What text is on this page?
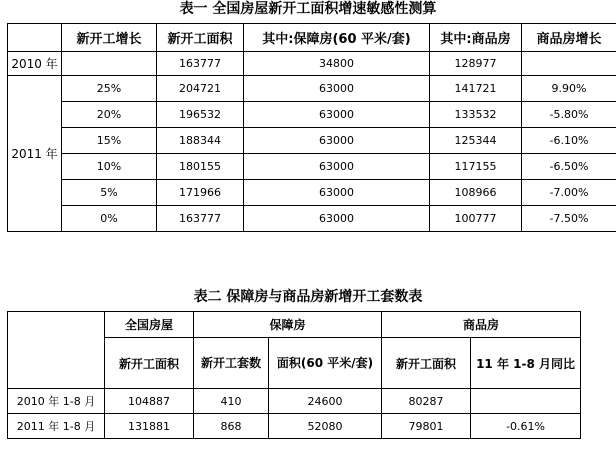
表一 全国房屋新开工面积增速敏感性测算
	新开工增长	新开工面积	其中:保障房(60 平米/套)	其中:商品房	商品房增长
2010 年		163777	34800	128977	
2011 年	25%	204721	63000	141721	9.90%
	20%	196532	63000	133532	-5.80%
	15%	188344	63000	125344	-6.10%
	10%	180155	63000	117155	-6.50%
	5%	171966	63000	108966	-7.00%
	0%	163777	63000	100777	-7.50%
表二 保障房与商品房新增开工套数表
	全国房屋	保障房		商品房	
	新开工面积	新开工套数	面积(60 平米/套)	新开工面积	11 年 1-8 月同比
2010 年 1-8 月	104887	410	24600	80287	
2011 年 1-8 月	131881	868	52080	79801	-0.61%
